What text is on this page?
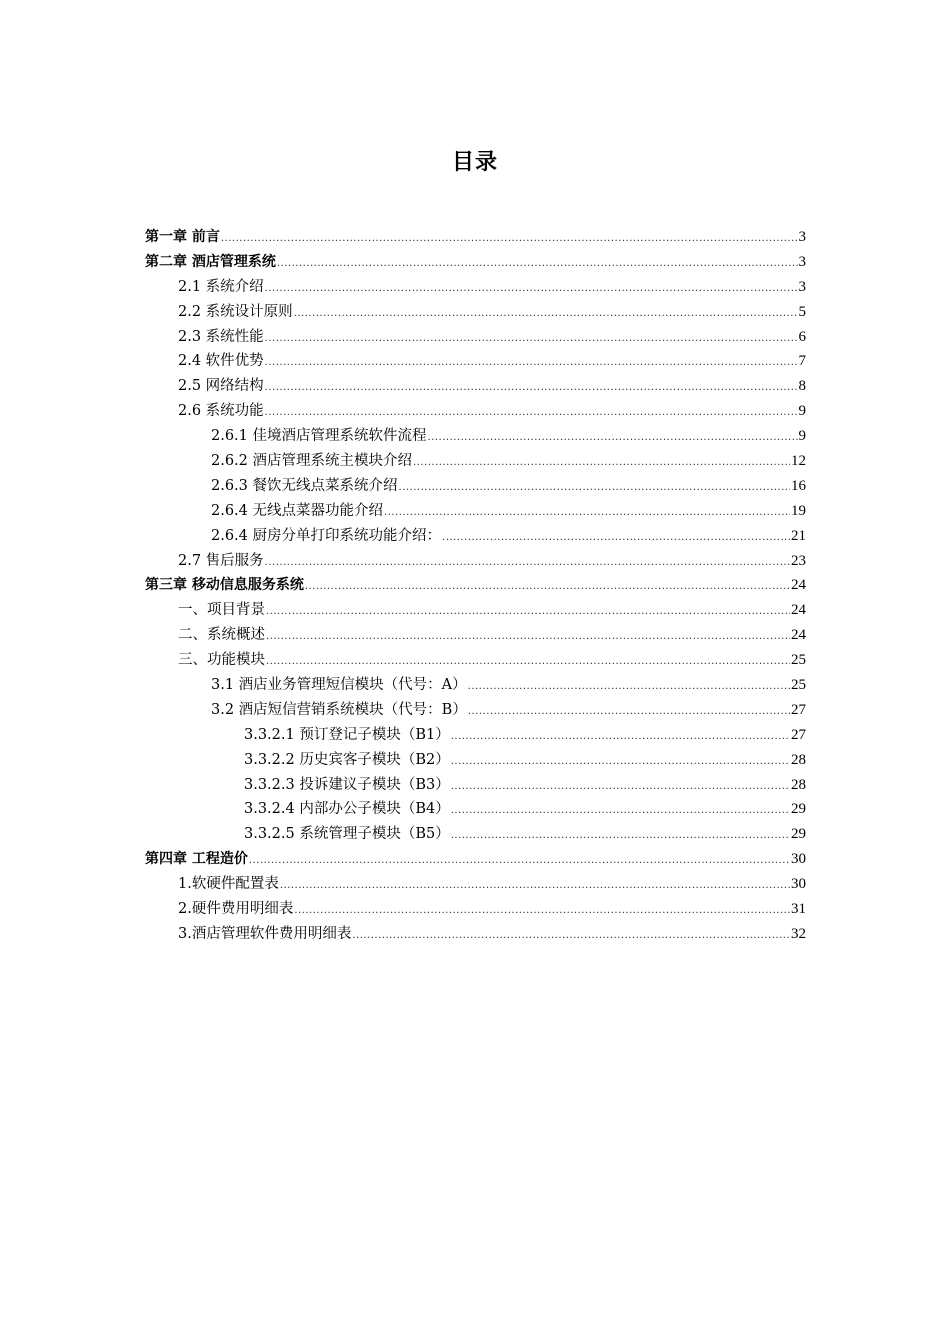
目录
第一章 前言 .....	3
第二章 酒店管理系统 .....	3
2.1 系统介绍 .....	3
2.2 系统设计原则 .....	5
2.3 系统性能 .....	6
2.4 软件优势 .....	7
2.5 网络结构 .....	8
2.6 系统功能 .....	9
2.6.1 佳境酒店管理系统软件流程 .....	9
2.6.2 酒店管理系统主模块介绍 .....	12
2.6.3 餐饮无线点菜系统介绍 .....	16
2.6.4 无线点菜器功能介绍 .....	19
2.6.4 厨房分单打印系统功能介绍： .....	21
2.7 售后服务 .....	23
第三章 移动信息服务系统 .....	24
一、项目背景 .....	24
二、系统概述 .....	24
三、功能模块 .....	25
3.1 酒店业务管理短信模块（代号：A） .....	25
3.2 酒店短信营销系统模块（代号：B） .....	27
3.3.2.1 预订登记子模块（B1） .....	27
3.3.2.2 历史宾客子模块（B2） .....	28
3.3.2.3 投诉建议子模块（B3） .....	28
3.3.2.4 内部办公子模块（B4） .....	29
3.3.2.5 系统管理子模块（B5） .....	29
第四章 工程造价 .....	30
1.软硬件配置表 .....	30
2.硬件费用明细表 .....	31
3.酒店管理软件费用明细表 .....	32
